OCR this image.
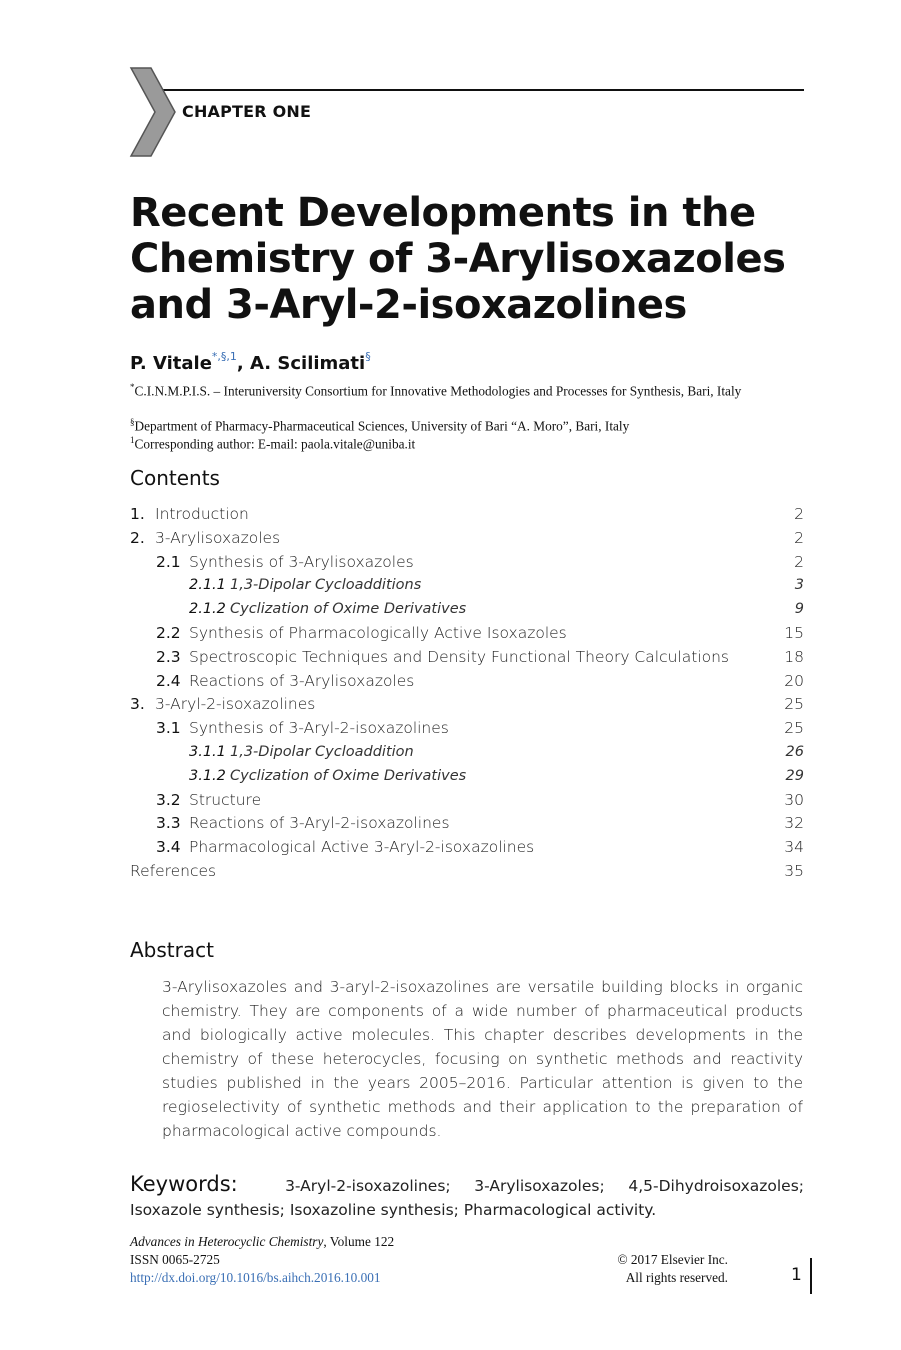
CHAPTER ONE
Recent Developments in the
Chemistry of 3-Arylisoxazoles
and 3-Aryl-2-isoxazolines
P. Vitale$^{*,\S,1}$, A. Scilimati§
*C.I.N.M.P.I.S. – Interuniversity Consortium for Innovative Methodologies and Processes for Synthesis, Bari, Italy
§Department of Pharmacy-Pharmaceutical Sciences, University of Bari “A. Moro”, Bari, Italy
$^1$Corresponding author: E-mail: paola.vitale@uniba.it
Contents
1. Introduction	2
2. 3-Arylisoxazoles	2
2.1 Synthesis of 3-Arylisoxazoles	2
2.1.1 1,3-Dipolar Cycloadditions	3
2.1.2 Cyclization of Oxime Derivatives	9
2.2 Synthesis of Pharmacologically Active Isoxazoles	15
2.3 Spectroscopic Techniques and Density Functional Theory Calculations	18
2.4 Reactions of 3-Arylisoxazoles	20
3. 3-Aryl-2-isoxazolines	25
3.1 Synthesis of 3-Aryl-2-isoxazolines	25
3.1.1 1,3-Dipolar Cycloaddition	26
3.1.2 Cyclization of Oxime Derivatives	29
3.2 Structure	30
3.3 Reactions of 3-Aryl-2-isoxazolines	32
3.4 Pharmacological Active 3-Aryl-2-isoxazolines	34
References	35
Abstract
3-Arylisoxazoles and 3-aryl-2-isoxazolines are versatile building blocks in organic chemistry. They are components of a wide number of pharmaceutical products and biologically active molecules. This chapter describes developments in the chemistry of these heterocycles, focusing on synthetic methods and reactivity studies published in the years 2005–2016. Particular attention is given to the regioselectivity of synthetic methods and their application to the preparation of pharmacological active compounds.
Keywords:	3-Aryl-2-isoxazolines; 3-Arylisoxazoles; 4,5-Dihydroisoxazoles; Isoxazole synthesis; Isoxazoline synthesis; Pharmacological activity.
Advances in Heterocyclic Chemistry, Volume 122
ISSN 0065-2725
http://dx.doi.org/10.1016/bs.aihch.2016.10.001
© 2017 Elsevier Inc.
All rights reserved.	1
